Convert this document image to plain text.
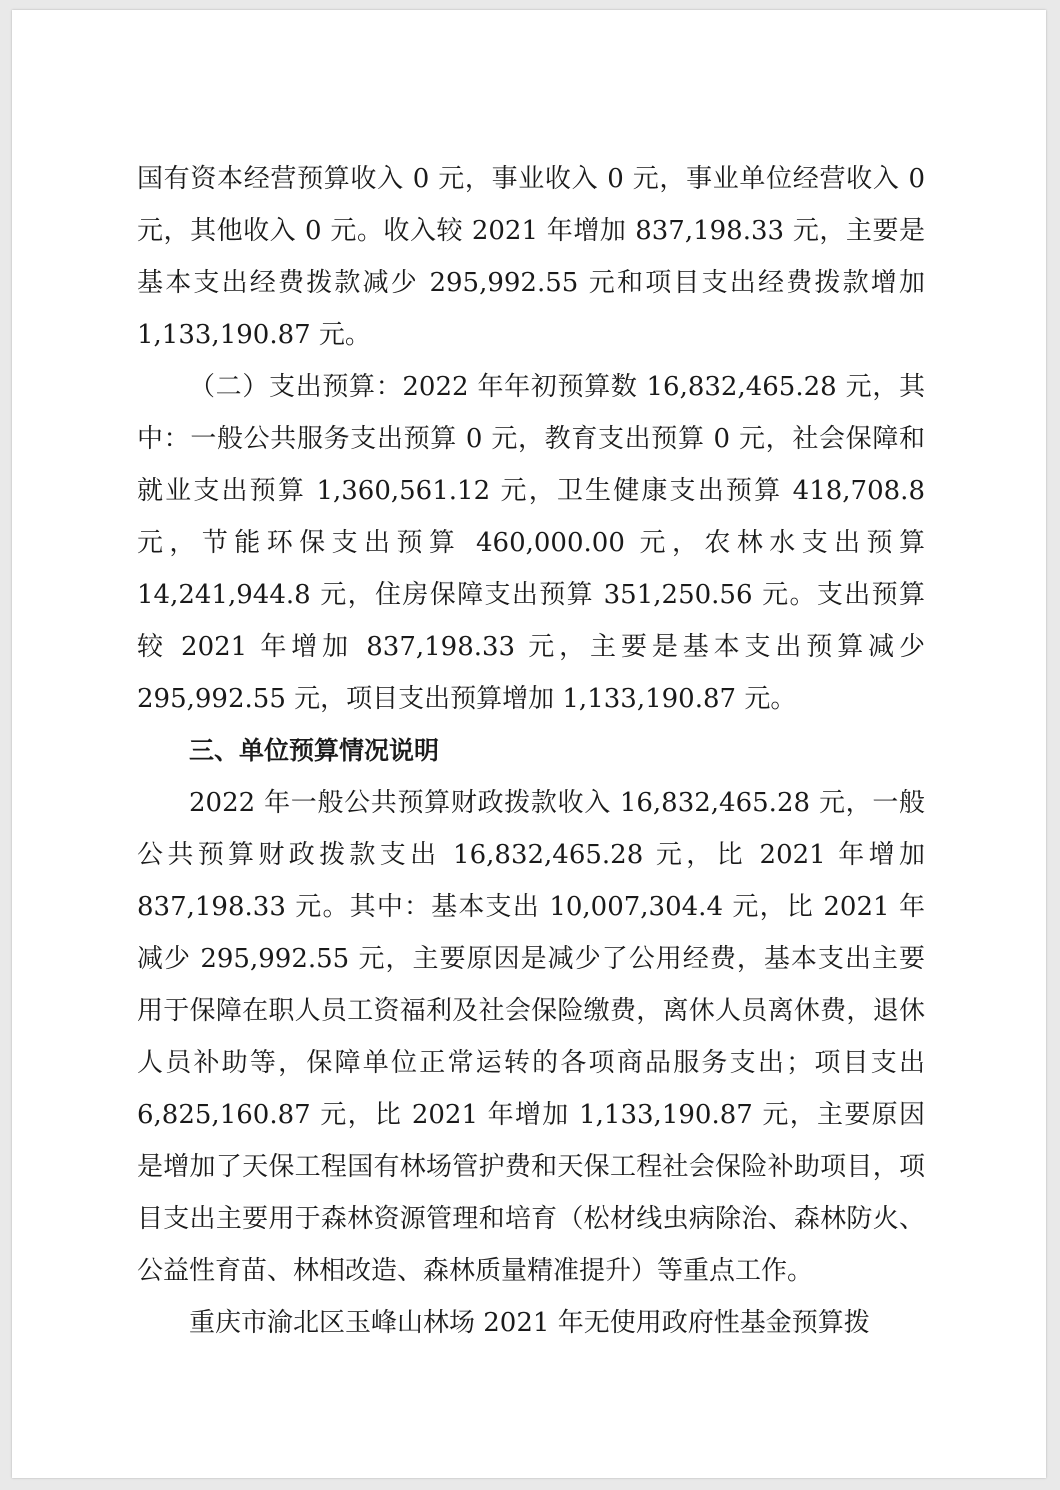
国有资本经营预算收入 0 元，事业收入 0 元，事业单位经营收入 0 元，其他收入 0 元。收入较 2021 年增加 837,198.33 元，主要是基本支出经费拨款减少 295,992.55 元和项目支出经费拨款增加 1,133,190.87 元。

（二）支出预算：2022 年年初预算数 16,832,465.28 元，其中：一般公共服务支出预算 0 元，教育支出预算 0 元，社会保障和就业支出预算 1,360,561.12 元，卫生健康支出预算 418,708.8 元，节能环保支出预算 460,000.00 元，农林水支出预算 14,241,944.8 元，住房保障支出预算 351,250.56 元。支出预算较 2021 年增加 837,198.33 元，主要是基本支出预算减少 295,992.55 元，项目支出预算增加 1,133,190.87 元。

三、单位预算情况说明

2022 年一般公共预算财政拨款收入 16,832,465.28 元，一般公共预算财政拨款支出 16,832,465.28 元，比 2021 年增加 837,198.33 元。其中：基本支出 10,007,304.4 元，比 2021 年减少 295,992.55 元，主要原因是减少了公用经费，基本支出主要用于保障在职人员工资福利及社会保险缴费，离休人员离休费，退休人员补助等，保障单位正常运转的各项商品服务支出；项目支出 6,825,160.87 元，比 2021 年增加 1,133,190.87 元，主要原因是增加了天保工程国有林场管护费和天保工程社会保险补助项目，项目支出主要用于森林资源管理和培育（松材线虫病除治、森林防火、公益性育苗、林相改造、森林质量精准提升）等重点工作。

重庆市渝北区玉峰山林场 2021 年无使用政府性基金预算拨
